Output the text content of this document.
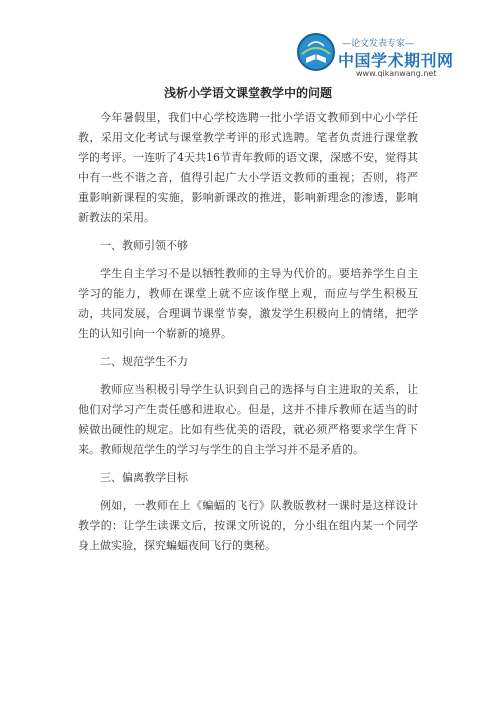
—论文发表专家—
中国学术期刊网
www.qikanwang.net
浅析小学语文课堂教学中的问题

今年暑假里，我们中心学校选聘一批小学语文教师到中心小学任教，采用文化考试与课堂教学考评的形式选聘。笔者负责进行课堂教学的考评。一连听了4天共16节青年教师的语文课，深感不安，觉得其中有一些不谐之音，值得引起广大小学语文教师的重视；否则，将严重影响新课程的实施，影响新课改的推进，影响新理念的渗透，影响新教法的采用。

一、教师引领不够

学生自主学习不是以牺牲教师的主导为代价的。要培养学生自主学习的能力，教师在课堂上就不应该作壁上观，而应与学生积极互动，共同发展，合理调节课堂节奏，激发学生积极向上的情绪，把学生的认知引向一个崭新的境界。

二、规范学生不力

教师应当积极引导学生认识到自己的选择与自主进取的关系，让他们对学习产生责任感和进取心。但是，这并不排斥教师在适当的时候做出硬性的规定。比如有些优美的语段，就必须严格要求学生背下来。教师规范学生的学习与学生的自主学习并不是矛盾的。

三、偏离教学目标

例如，一教师在上《蝙蝠的飞行》队教版教材一课时是这样设计教学的：让学生读课文后，按课文所说的，分小组在组内某一个同学身上做实验，探究蝙蝠夜间飞行的奥秘。
